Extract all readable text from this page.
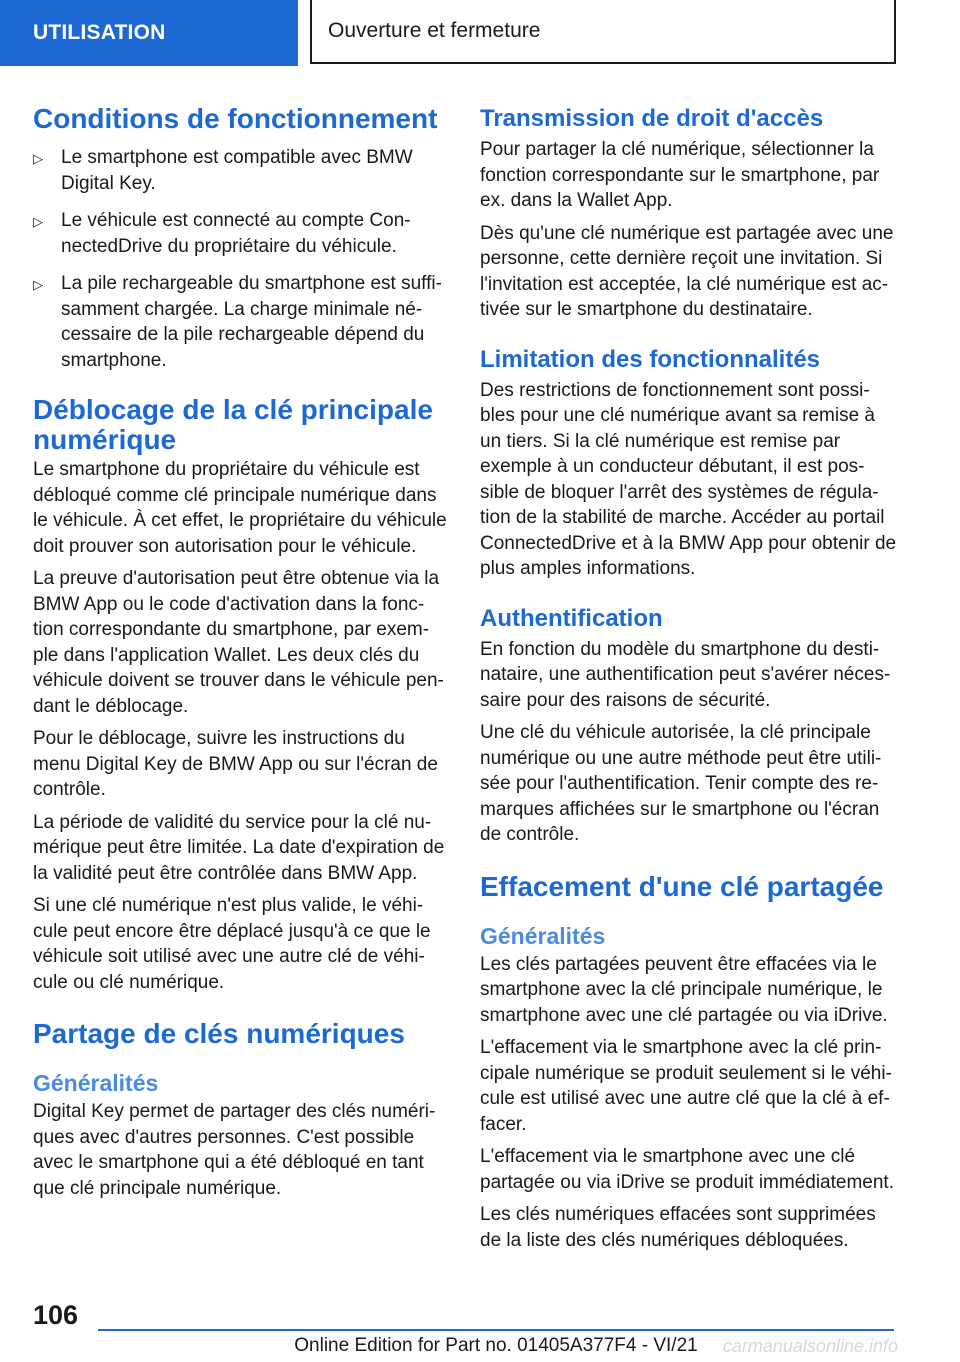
UTILISATION	Ouverture et fermeture
Conditions de fonctionnement
▷ Le smartphone est compatible avec BMW Digital Key.
▷ Le véhicule est connecté au compte Con-nectedDrive du propriétaire du véhicule.
▷ La pile rechargeable du smartphone est suffi-samment chargée. La charge minimale né-cessaire de la pile rechargeable dépend du smartphone.
Déblocage de la clé principale numérique

Le smartphone du propriétaire du véhicule est débloqué comme clé principale numérique dans le véhicule. À cet effet, le propriétaire du véhicule doit prouver son autorisation pour le véhicule.

La preuve d'autorisation peut être obtenue via la BMW App ou le code d'activation dans la fonc-tion correspondante du smartphone, par exem-ple dans l'application Wallet. Les deux clés du véhicule doivent se trouver dans le véhicule pen-dant le déblocage.

Pour le déblocage, suivre les instructions du menu Digital Key de BMW App ou sur l'écran de contrôle.

La période de validité du service pour la clé nu-mérique peut être limitée. La date d'expiration de la validité peut être contrôlée dans BMW App.

Si une clé numérique n'est plus valide, le véhi-cule peut encore être déplacé jusqu'à ce que le véhicule soit utilisé avec une autre clé de véhi-cule ou clé numérique.

Partage de clés numériques
Généralités

Digital Key permet de partager des clés numéri-ques avec d'autres personnes. C'est possible avec le smartphone qui a été débloqué en tant que clé principale numérique.

Transmission de droit d'accès

Pour partager la clé numérique, sélectionner la fonction correspondante sur le smartphone, par ex. dans la Wallet App.

Dès qu'une clé numérique est partagée avec une personne, cette dernière reçoit une invitation. Si l'invitation est acceptée, la clé numérique est ac-tivée sur le smartphone du destinataire.

Limitation des fonctionnalités

Des restrictions de fonctionnement sont possi-bles pour une clé numérique avant sa remise à un tiers. Si la clé numérique est remise par exemple à un conducteur débutant, il est pos-sible de bloquer l'arrêt des systèmes de régula-tion de la stabilité de marche. Accéder au portail ConnectedDrive et à la BMW App pour obtenir de plus amples informations.

Authentification

En fonction du modèle du smartphone du desti-nataire, une authentification peut s'avérer néces-saire pour des raisons de sécurité.

Une clé du véhicule autorisée, la clé principale numérique ou une autre méthode peut être utili-sée pour l'authentification. Tenir compte des re-marques affichées sur le smartphone ou l'écran de contrôle.

Effacement d'une clé partagée
Généralités

Les clés partagées peuvent être effacées via le smartphone avec la clé principale numérique, le smartphone avec une clé partagée ou via iDrive.

L'effacement via le smartphone avec la clé prin-cipale numérique se produit seulement si le véhi-cule est utilisé avec une autre clé que la clé à ef-facer.

L'effacement via le smartphone avec une clé partagée ou via iDrive se produit immédiatement.

Les clés numériques effacées sont supprimées de la liste des clés numériques débloquées.

106
Online Edition for Part no. 01405A377F4 - VI/21	carmanualsonline.info
